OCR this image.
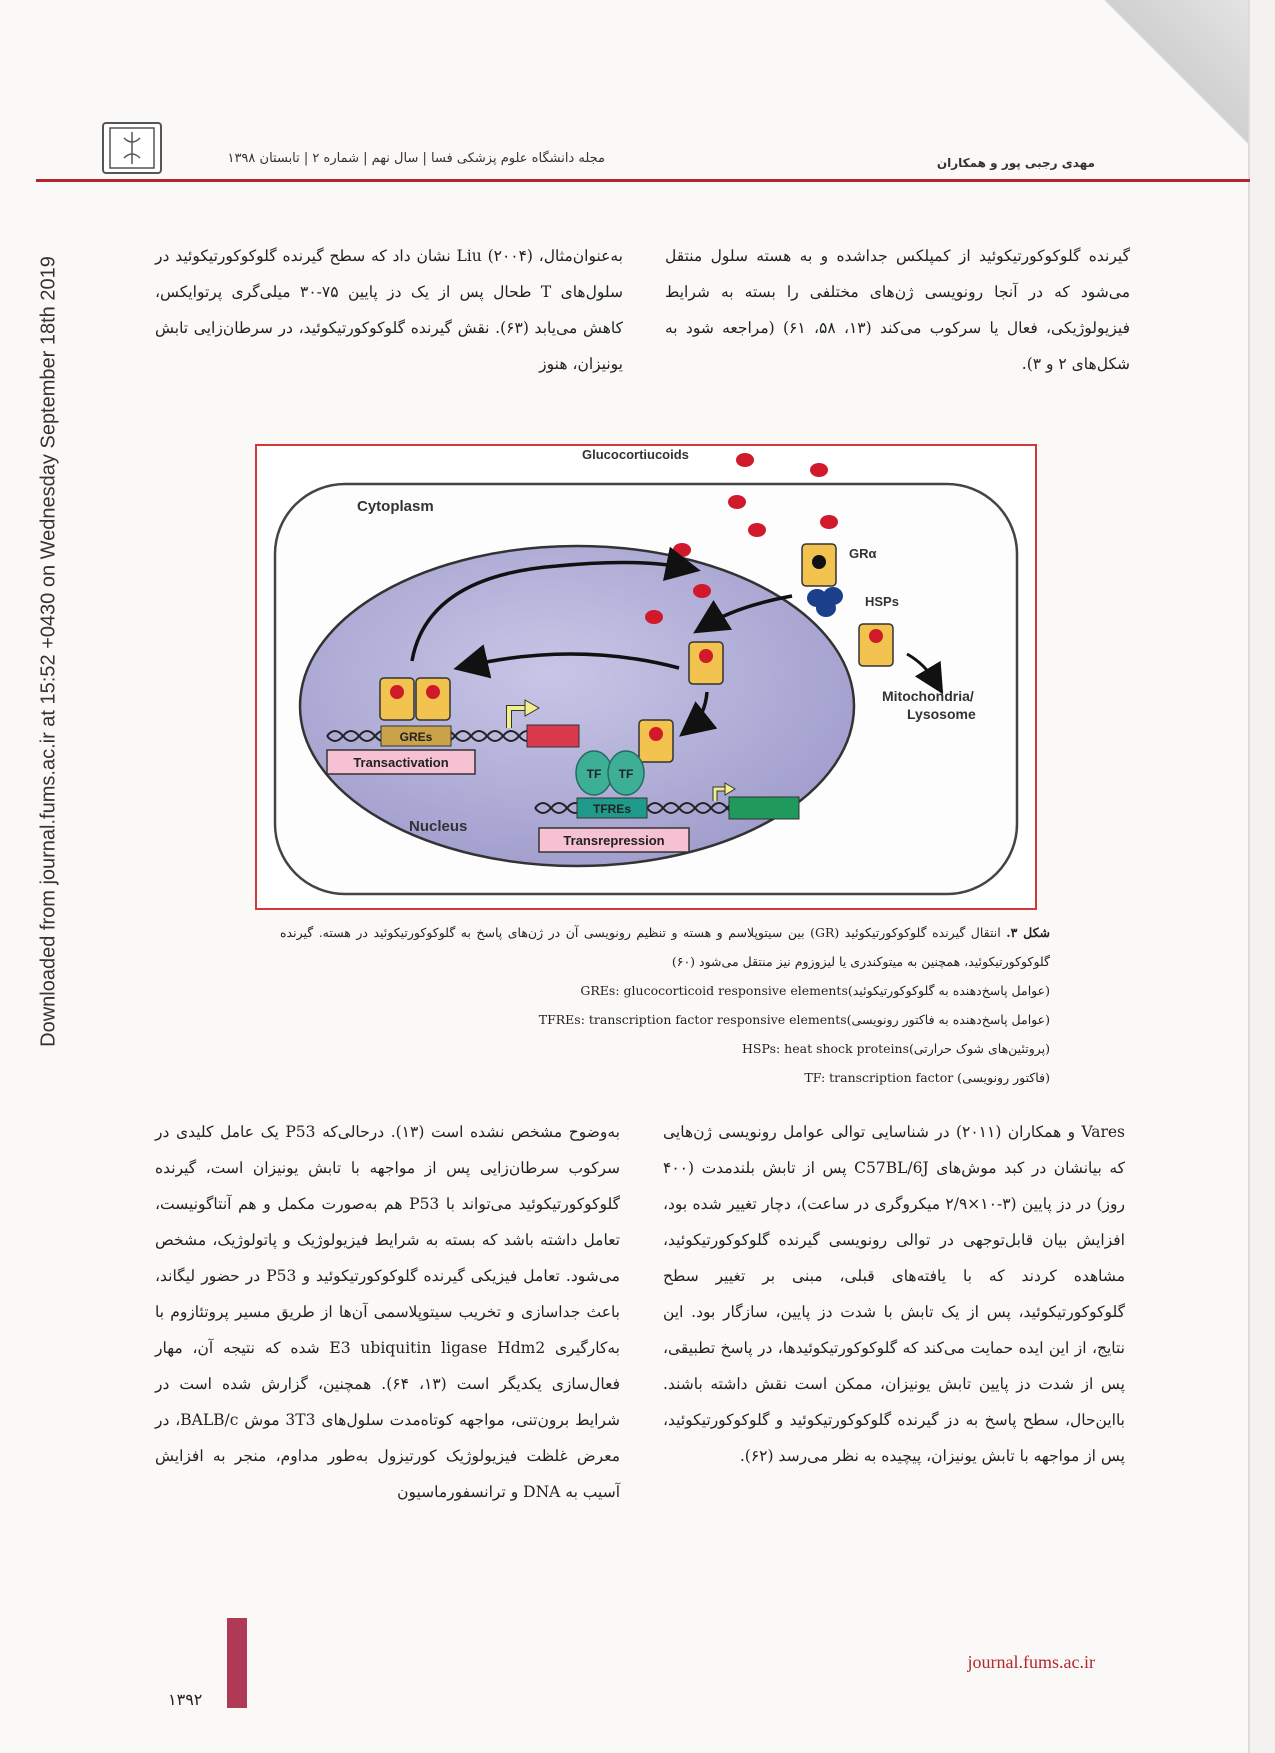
مجله دانشگاه علوم پزشکی فسا | سال نهم | شماره ۲ | تابستان ۱۳۹۸	مهدی رجبی پور و همکاران
Downloaded from journal.fums.ac.ir at 15:52 +0430 on Wednesday September 18th 2019
گیرنده گلوکوکورتیکوئید از کمپلکس جداشده و به هسته سلول منتقل می‌شود که در آنجا رونویسی ژن‌های مختلفی را بسته به شرایط فیزیولوژیکی، فعال یا سرکوب می‌کند (۱۳، ۵۸، ۶۱) (مراجعه شود به شکل‌های ۲ و ۳).
به‌عنوان‌مثال، Liu (۲۰۰۴) نشان داد که سطح گیرنده گلوکوکورتیکوئید در سلول‌های T طحال پس از یک دز پایین ۷۵-۳۰ میلی‌گری پرتوایکس، کاهش می‌یابد (۶۳). نقش گیرنده گلوکوکورتیکوئید، در سرطان‌زایی تابش یونیزان، هنوز
Glucocortiucoids
Cytoplasm
GRα
HSPs
Mitochondria/
Lysosome
Nucleus
GREs
Transactivation
TF TF
TFREs
Transrepression
شکل ۳. انتقال گیرنده گلوکوکورتیکوئید (GR) بین سیتوپلاسم و هسته و تنظیم رونویسی آن در ژن‌های پاسخ به گلوکوکورتیکوئید در هسته. گیرنده گلوکوکورتیکوئید، همچنین به میتوکندری یا لیزوزوم نیز منتقل می‌شود (۶۰)
GREs: glucocorticoid responsive elements(عوامل پاسخ‌دهنده به گلوکوکورتیکوئید)
TFREs: transcription factor responsive elements(عوامل پاسخ‌دهنده به فاکتور رونویسی)
HSPs: heat shock proteins(پروتئین‌های شوک حرارتی)
TF: transcription factor (فاکتور رونویسی)
Vares و همکاران (۲۰۱۱) در شناسایی توالی عوامل رونویسی ژن‌هایی که بیانشان در کبد موش‌های C57BL/6J پس از تابش بلندمدت (۴۰۰ روز) در دز پایین (۳-۱۰×۲/۹ میکروگری در ساعت)، دچار تغییر شده بود، افزایش بیان قابل‌توجهی در توالی رونویسی گیرنده گلوکوکورتیکوئید، مشاهده کردند که با یافته‌های قبلی، مبنی بر تغییر سطح گلوکوکورتیکوئید، پس از یک تابش با شدت دز پایین، سازگار بود. این نتایج، از این ایده حمایت می‌کند که گلوکوکورتیکوئیدها، در پاسخ تطبیقی، پس از شدت دز پایین تابش یونیزان، ممکن است نقش داشته باشند. بااین‌حال، سطح پاسخ به دز گیرنده گلوکوکورتیکوئید و گلوکوکورتیکوئید، پس از مواجهه با تابش یونیزان، پیچیده به نظر می‌رسد (۶۲).
به‌وضوح مشخص نشده است (۱۳). درحالی‌که P53 یک عامل کلیدی در سرکوب سرطان‌زایی پس از مواجهه با تابش یونیزان است، گیرنده گلوکوکورتیکوئید می‌تواند با P53 هم به‌صورت مکمل و هم آنتاگونیست، تعامل داشته باشد که بسته به شرایط فیزیولوژیک و پاتولوژیک، مشخص می‌شود. تعامل فیزیکی گیرنده گلوکوکورتیکوئید و P53 در حضور لیگاند، باعث جداسازی و تخریب سیتوپلاسمی آن‌ها از طریق مسیر پروتئازوم با به‌کارگیری E3 ubiquitin ligase Hdm2 شده که نتیجه آن، مهار فعال‌سازی یکدیگر است (۱۳، ۶۴). همچنین، گزارش شده است در شرایط برون‌تنی، مواجهه کوتاه‌مدت سلول‌های 3T3 موش BALB/c، در معرض غلظت فیزیولوژیک کورتیزول به‌طور مداوم، منجر به افزایش آسیب به DNA و ترانسفورماسیون
۱۳۹۲
journal.fums.ac.ir
